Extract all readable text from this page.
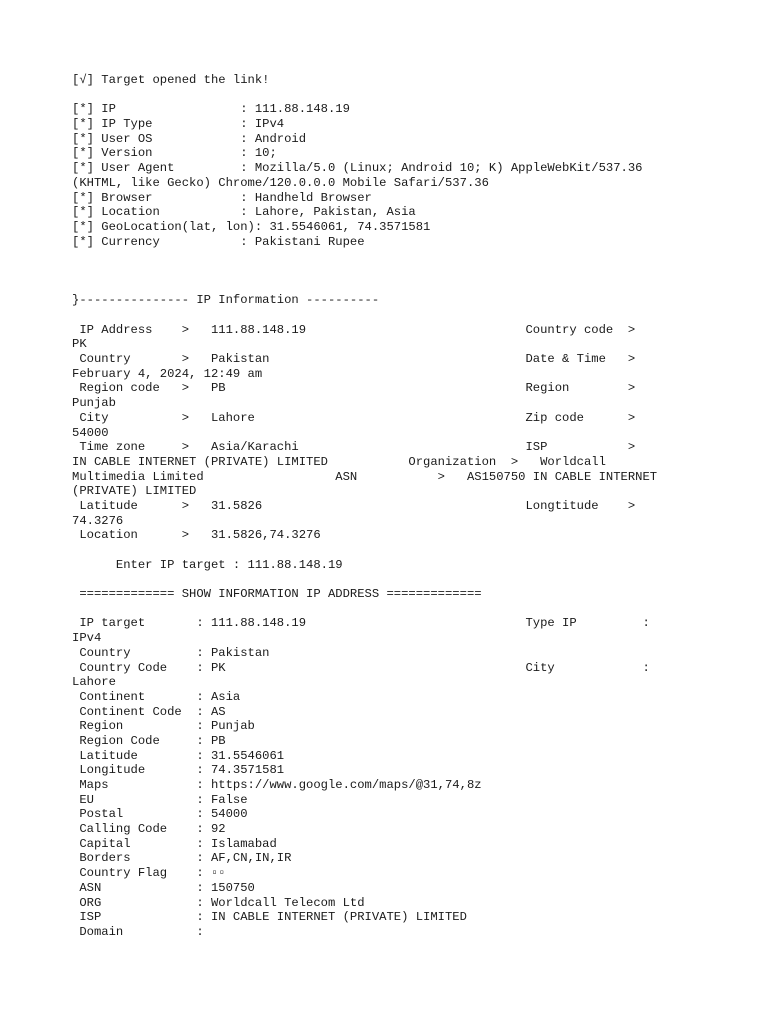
[√] Target opened the link!
[*] IP                 : 111.88.148.19
[*] IP Type            : IPv4
[*] User OS            : Android
[*] Version            : 10;
[*] User Agent         : Mozilla/5.0 (Linux; Android 10; K) AppleWebKit/537.36
(KHTML, like Gecko) Chrome/120.0.0.0 Mobile Safari/537.36
[*] Browser            : Handheld Browser
[*] Location           : Lahore, Pakistan, Asia
[*] GeoLocation(lat, lon): 31.5546061, 74.3571581
[*] Currency           : Pakistani Rupee
}--------------- IP Information ----------
IP Address    >   111.88.148.19                              Country code  >
PK
Country       >   Pakistan                                   Date & Time   >
February 4, 2024, 12:49 am
Region code   >   PB                                         Region        >
Punjab
City          >   Lahore                                     Zip code      >
54000
Time zone     >   Asia/Karachi                               ISP           >
IN CABLE INTERNET (PRIVATE) LIMITED           Organization  >   Worldcall
Multimedia Limited                  ASN           >   AS150750 IN CABLE INTERNET
(PRIVATE) LIMITED
Latitude      >   31.5826                                    Longtitude    >
74.3276
Location      >   31.5826,74.3276
Enter IP target : 111.88.148.19
============= SHOW INFORMATION IP ADDRESS =============
IP target       : 111.88.148.19                              Type IP         :
IPv4
Country         : Pakistan
Country Code    : PK                                         City            :
Lahore
Continent       : Asia
Continent Code  : AS
Region          : Punjab
Region Code     : PB
Latitude        : 31.5546061
Longitude       : 74.3571581
Maps            : https://www.google.com/maps/@31,74,8z
EU              : False
Postal          : 54000
Calling Code    : 92
Capital         : Islamabad
Borders         : AF,CN,IN,IR
Country Flag    : ▫▫
ASN             : 150750
ORG             : Worldcall Telecom Ltd
ISP             : IN CABLE INTERNET (PRIVATE) LIMITED
Domain          :
